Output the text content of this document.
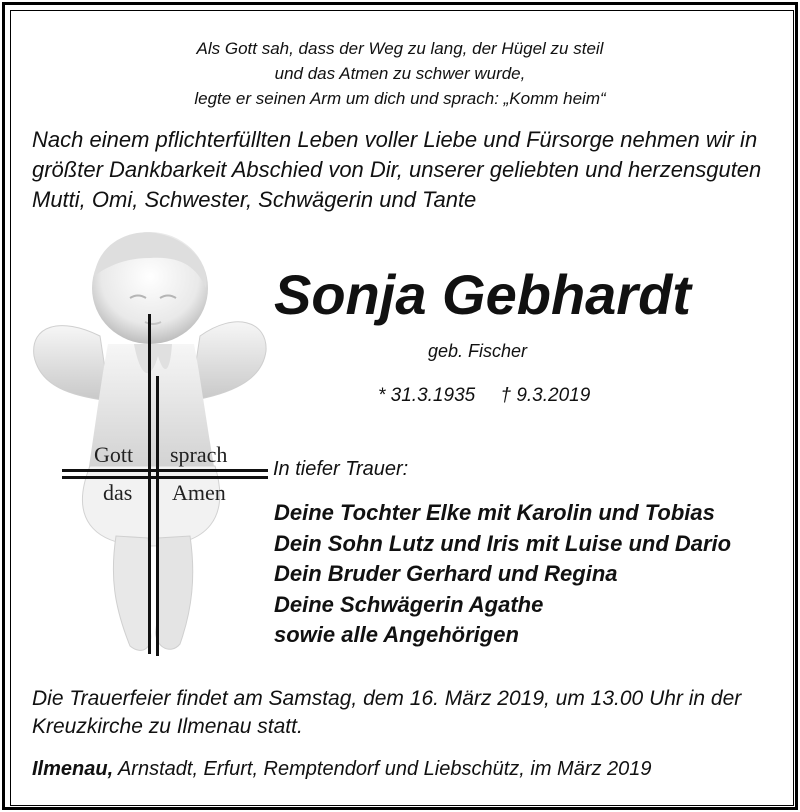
Als Gott sah, dass der Weg zu lang, der Hügel zu steil
und das Atmen zu schwer wurde,
legte er seinen Arm um dich und sprach: „Komm heim“
Nach einem pflichterfüllten Leben voller Liebe und Fürsorge nehmen wir in
größter Dankbarkeit Abschied von Dir, unserer geliebten und herzensguten
Mutti, Omi, Schwester, Schwägerin und Tante
Gott sprach
das Amen
Sonja Gebhardt
geb. Fischer
* 31.3.1935 † 9.3.2019
In tiefer Trauer:
Deine Tochter Elke mit Karolin und Tobias
Dein Sohn Lutz und Iris mit Luise und Dario
Dein Bruder Gerhard und Regina
Deine Schwägerin Agathe
sowie alle Angehörigen
Die Trauerfeier findet am Samstag, dem 16. März 2019, um 13.00 Uhr in der
Kreuzkirche zu Ilmenau statt.
Ilmenau, Arnstadt, Erfurt, Remptendorf und Liebschütz, im März 2019
